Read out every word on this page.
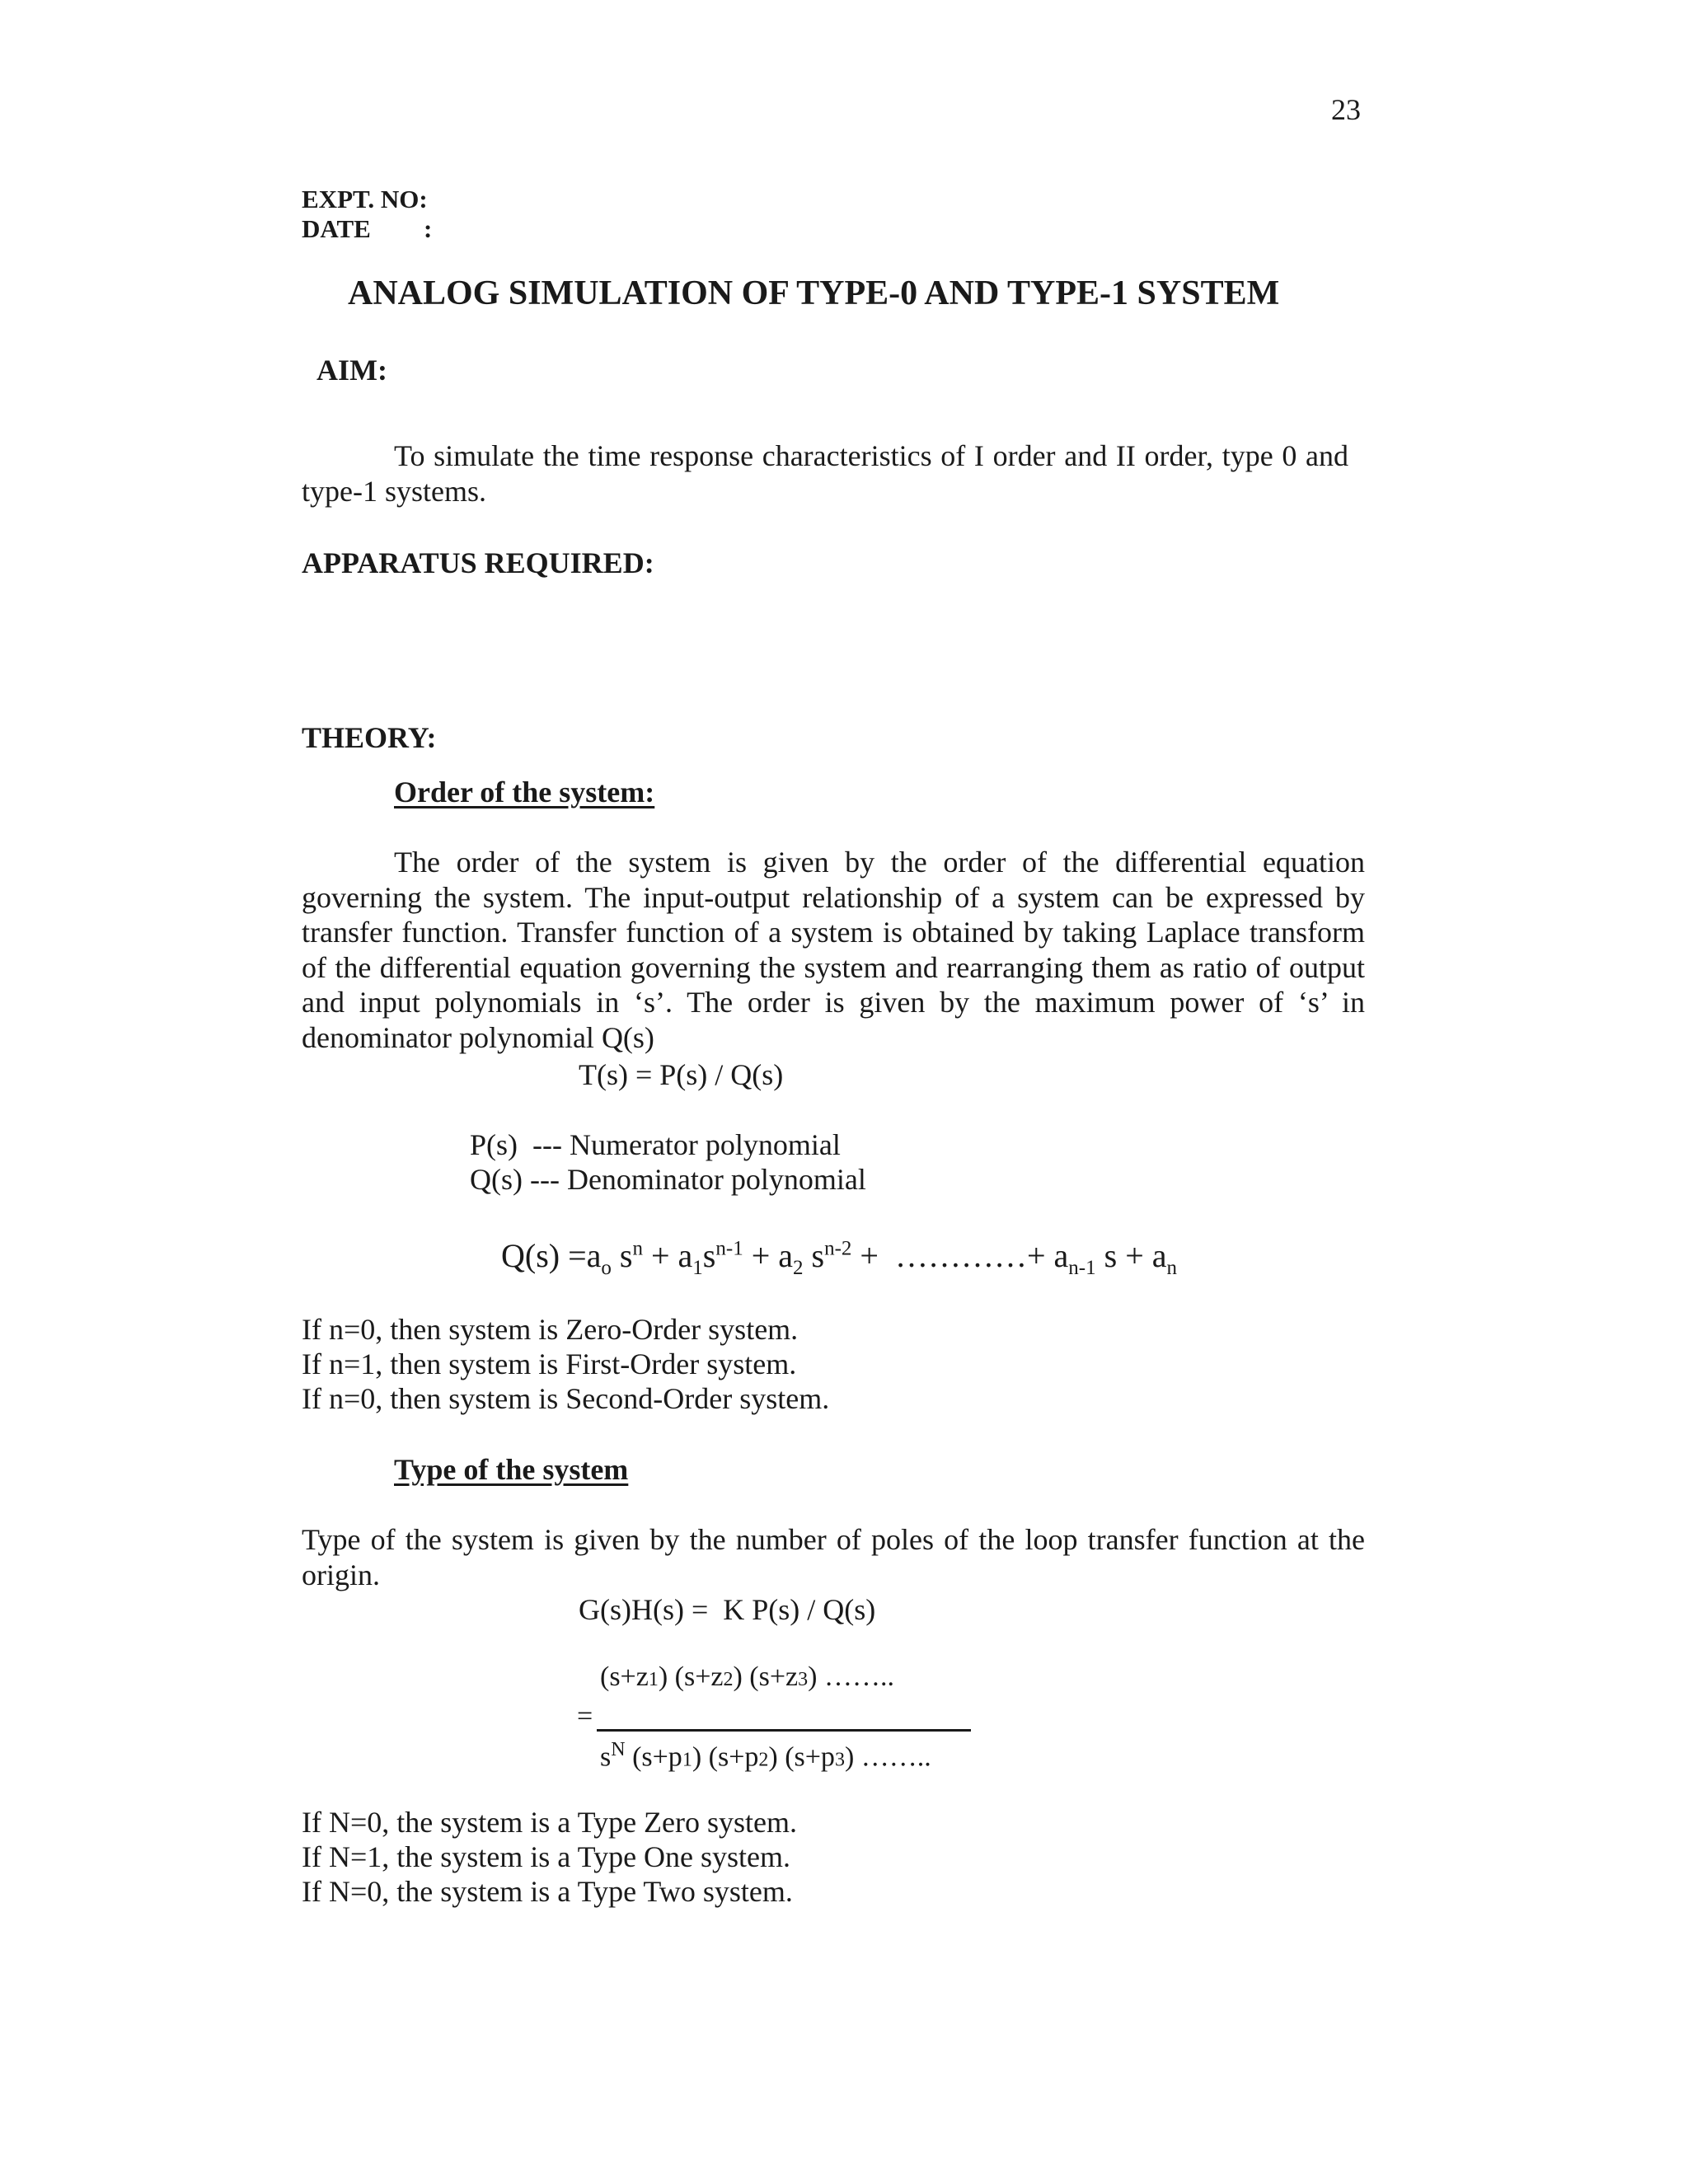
23
EXPT. NO:
DATE :
ANALOG SIMULATION OF TYPE-0 AND TYPE-1 SYSTEM
AIM:
To simulate the time response characteristics of I order and II order, type 0 and type-1 systems.
APPARATUS REQUIRED:
THEORY:
Order of the system:
The order of the system is given by the order of the differential equation governing the system. The input-output relationship of a system can be expressed by transfer function. Transfer function of a system is obtained by taking Laplace transform of the differential equation governing the system and rearranging them as ratio of output and input polynomials in ‘s’. The order is given by the maximum power of ‘s’ in denominator polynomial Q(s)
T(s) = P(s) / Q(s)
P(s)  --- Numerator polynomial
Q(s) --- Denominator polynomial
$Q(s) =a_o$ $s^n + a_1s^{n-1} + a_2$ $s^{n-2}$ +  …………+ $a_{n-1}$ $s + a_n$
If n=0, then system is Zero-Order system.
If n=1, then system is First-Order system.
If n=0, then system is Second-Order system.
Type of the system
Type of the system is given by the number of poles of the loop transfer function at the origin.
G(s)H(s) =  K P(s) / Q(s)
(s+z1) (s+z2) (s+z3) ……..
=
$s^N$ (s+p1) (s+p2) (s+p3) ……..
If N=0, the system is a Type Zero system.
If N=1, the system is a Type One system.
If N=0, the system is a Type Two system.
